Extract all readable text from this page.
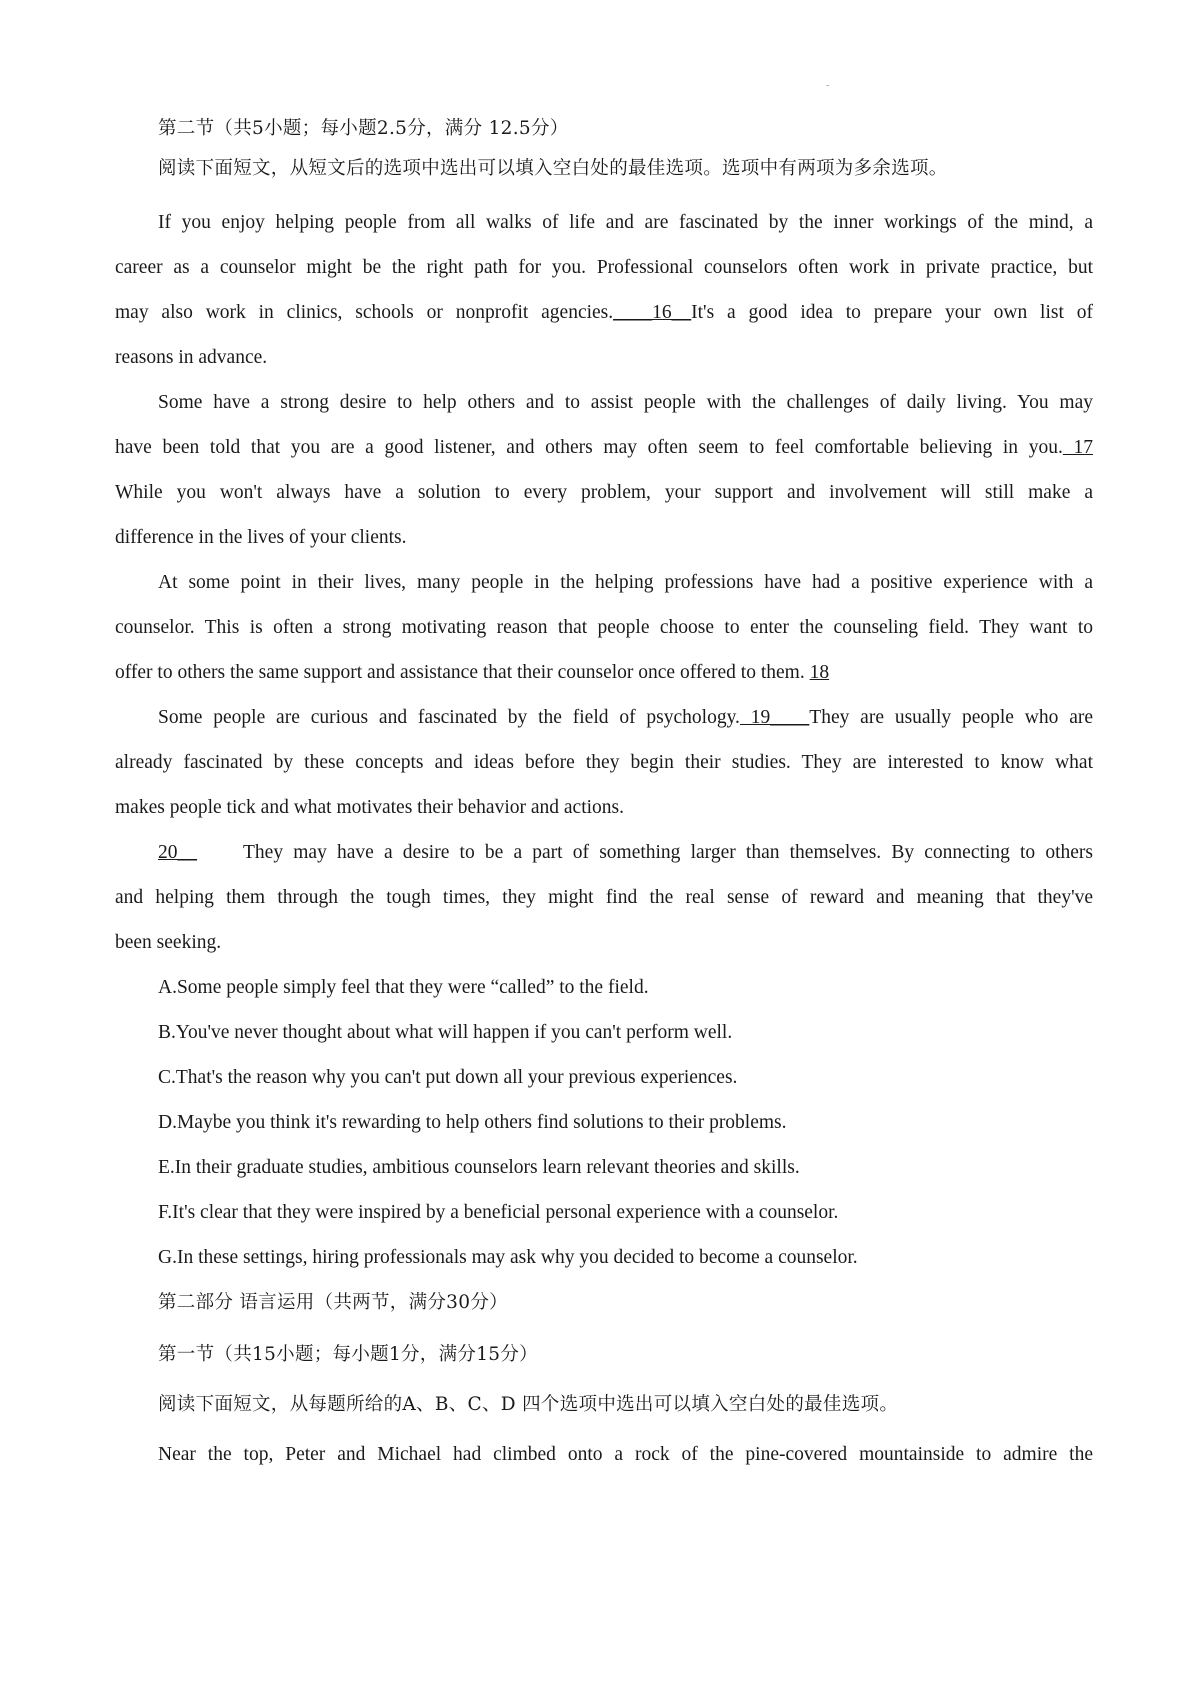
-
第二节（共5小题；每小题2.5分，满分 12.5分）
阅读下面短文，从短文后的选项中选出可以填入空白处的最佳选项。选项中有两项为多余选项。
If you enjoy helping people from all walks of life and are fascinated by the inner workings of the mind, a
career as a counselor might be the right path for you. Professional counselors often work in private practice, but
may also work in clinics, schools or nonprofit agencies.____16__It's a good idea to prepare your own list of
reasons in advance.
Some have a strong desire to help others and to assist people with the challenges of daily living. You may
have been told that you are a good listener, and others may often seem to feel comfortable believing in you. 17
While you won't always have a solution to every problem, your support and involvement will still make a
difference in the lives of your clients.
At some point in their lives, many people in the helping professions have had a positive experience with a
counselor. This is often a strong motivating reason that people choose to enter the counseling field. They want to
offer to others the same support and assistance that their counselor once offered to them. 18
Some people are curious and fascinated by the field of psychology. 19____They are usually people who are
already fascinated by these concepts and ideas before they begin their studies. They are interested to know what
makes people tick and what motivates their behavior and actions.
20__ They may have a desire to be a part of something larger than themselves. By connecting to others
and helping them through the tough times, they might find the real sense of reward and meaning that they've
been seeking.
A.Some people simply feel that they were “called” to the field.
B.You've never thought about what will happen if you can't perform well.
C.That's the reason why you can't put down all your previous experiences.
D.Maybe you think it's rewarding to help others find solutions to their problems.
E.In their graduate studies, ambitious counselors learn relevant theories and skills.
F.It's clear that they were inspired by a beneficial personal experience with a counselor.
G.In these settings, hiring professionals may ask why you decided to become a counselor.
第二部分 语言运用（共两节，满分30分）
第一节（共15小题；每小题1分，满分15分）
阅读下面短文，从每题所给的A、B、C、D 四个选项中选出可以填入空白处的最佳选项。
Near the top, Peter and Michael had climbed onto a rock of the pine-covered mountainside to admire the
